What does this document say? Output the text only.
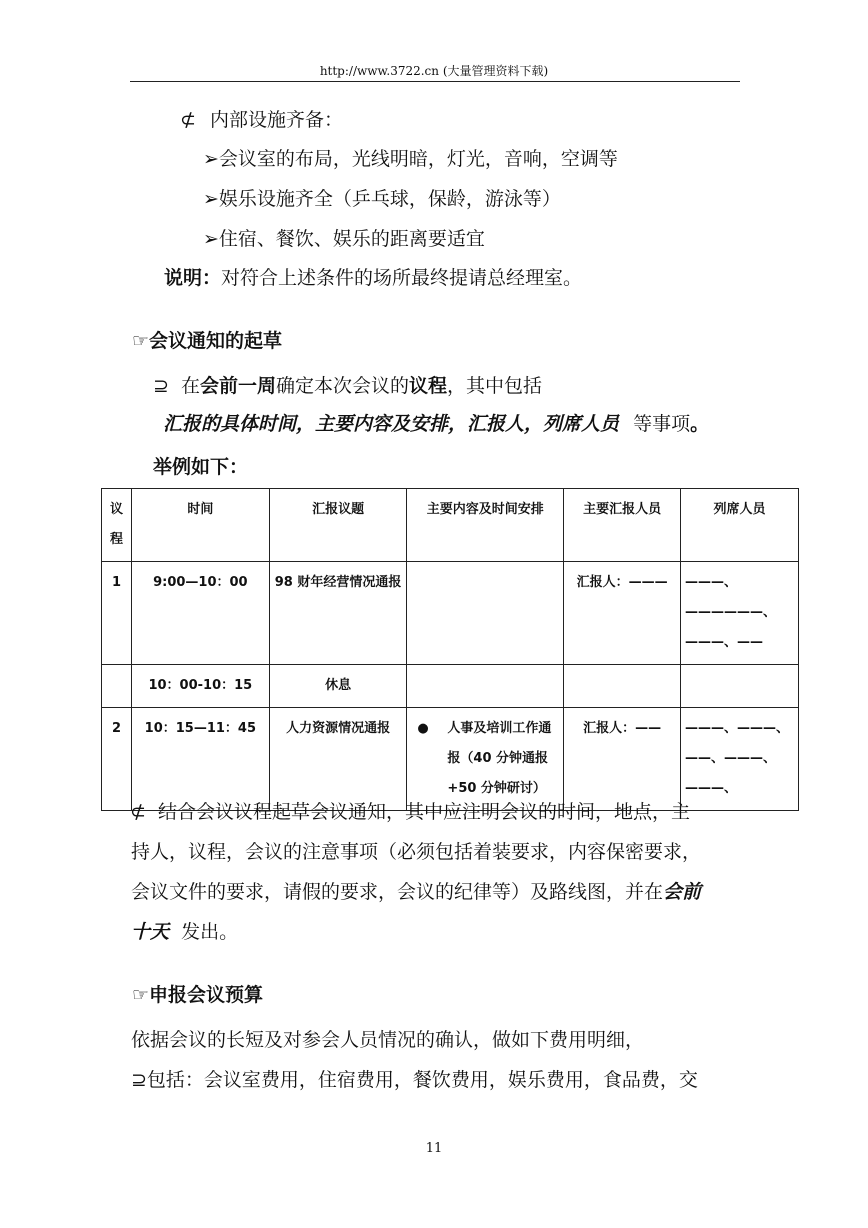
http://www.3722.cn (大量管理资料下载)
⊄ 内部设施齐备：
➢会议室的布局，光线明暗，灯光，音响，空调等
➢娱乐设施齐全（乒乓球，保龄，游泳等）
➢住宿、餐饮、娱乐的距离要适宜
说明：对符合上述条件的场所最终提请总经理室。
☞会议通知的起草
⊇ 在会前一周确定本次会议的议程，其中包括
汇报的具体时间，主要内容及安排，汇报人，列席人员 等事项。
举例如下：
议程	时间	汇报议题	主要内容及时间安排	主要汇报人员	列席人员
1	9:00—10：00	98 财年经营情况通报		汇报人：———	———、——————、———、——
	10：00-10：15	休息			
2	10：15—11：45	人力资源情况通报	● 人事及培训工作通报（40 分钟通报+50 分钟研讨）	汇报人：——	———、———、——、———、———、
⊄ 结合会议议程起草会议通知，其中应注明会议的时间，地点，主
持人，议程，会议的注意事项（必须包括着装要求，内容保密要求，
会议文件的要求，请假的要求，会议的纪律等）及路线图，并在会前
十天 发出。
☞申报会议预算
依据会议的长短及对参会人员情况的确认，做如下费用明细，
⊇包括：会议室费用，住宿费用，餐饮费用，娱乐费用，食品费，交
11
